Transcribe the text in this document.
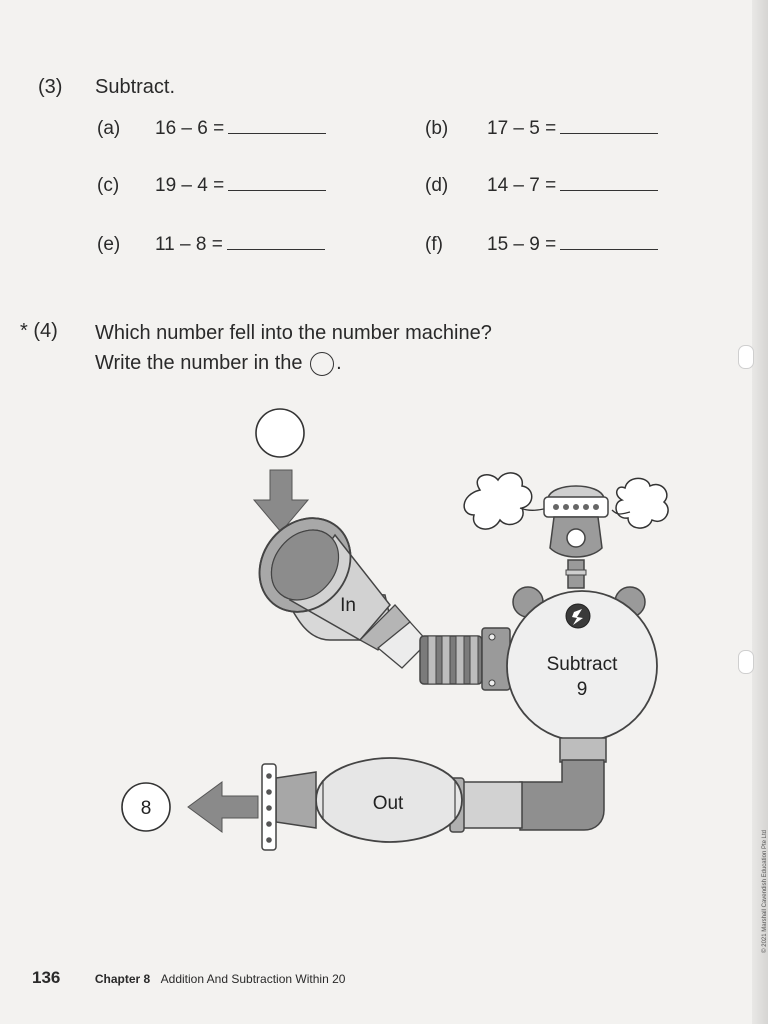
(3) Subtract.
(a) 16 – 6 =	(b) 17 – 5 =
(c) 19 – 4 =	(d) 14 – 7 =
(e) 11 – 8 =	(f) 15 – 9 =
* (4) Which number fell into the number machine?
Write the number in the .
In
Subtract
9
Out
8
136	Chapter 8 Addition And Subtraction Within 20
© 2021 Marshall Cavendish Education Pte Ltd
